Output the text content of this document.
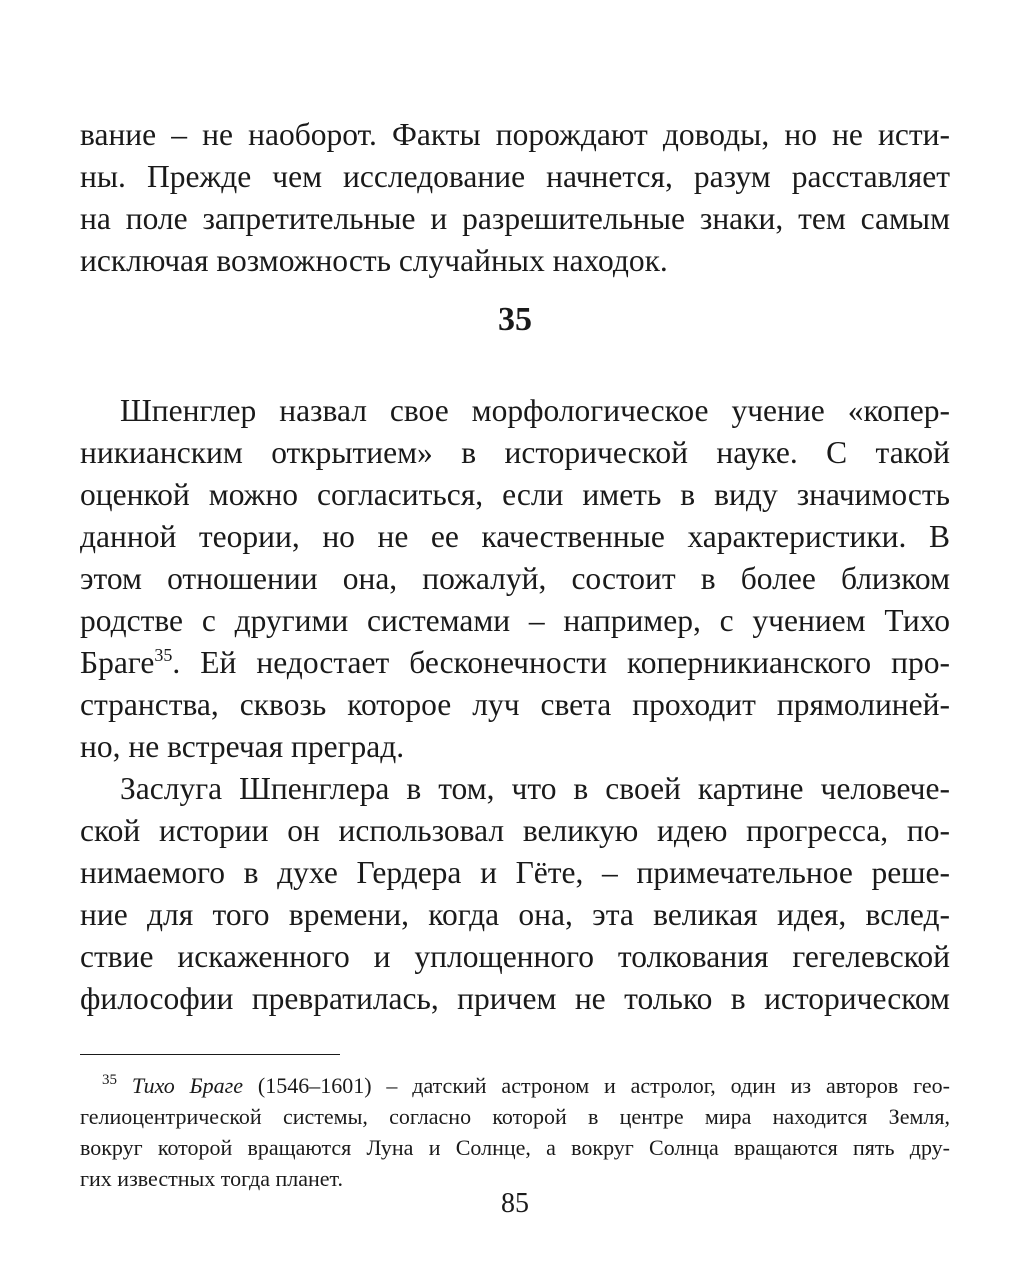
вание – не наоборот. Факты порождают доводы, но не исти-
ны. Прежде чем исследование начнется, разум расставляет
на поле запретительные и разрешительные знаки, тем самым
исключая возможность случайных находок.

35

Шпенглер назвал свое морфологическое учение «копер-
никианским открытием» в исторической науке. С такой
оценкой можно согласиться, если иметь в виду значимость
данной теории, но не ее качественные характеристики. В
этом отношении она, пожалуй, состоит в более близком
родстве с другими системами – например, с учением Тихо
Браге$^{35}$. Ей недостает бесконечности коперникианского про-
странства, сквозь которое луч света проходит прямолиней-
но, не встречая преград.

Заслуга Шпенглера в том, что в своей картине человече-
ской истории он использовал великую идею прогресса, по-
нимаемого в духе Гердера и Гёте, – примечательное реше-
ние для того времени, когда она, эта великая идея, вслед-
ствие искаженного и уплощенного толкования гегелевской
философии превратилась, причем не только в историческом

$^{35}$ Тихо Браге (1546–1601) – датский астроном и астролог, один из авторов гео-
гелиоцентрической системы, согласно которой в центре мира находится Земля,
вокруг которой вращаются Луна и Солнце, а вокруг Солнца вращаются пять дру-
гих известных тогда планет.
85
